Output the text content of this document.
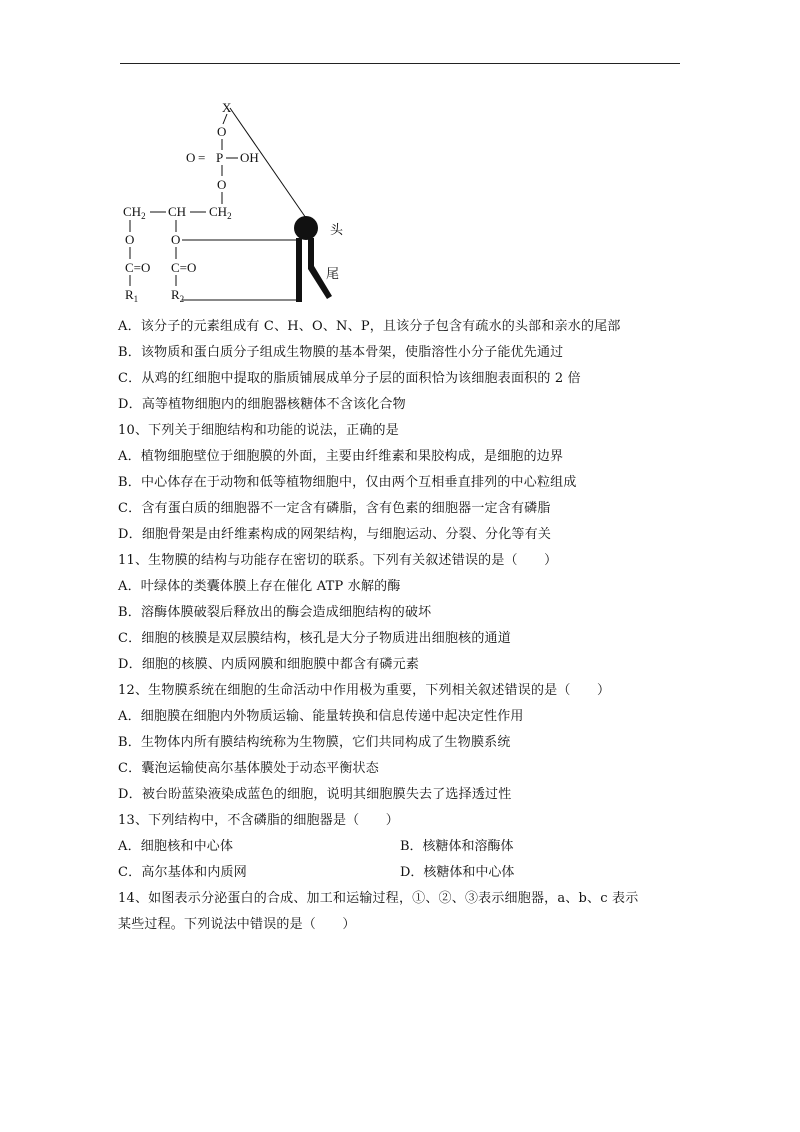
X
O
O = P OH
O
$CH_2$ CH $CH_2$
O	O
C=O C=O
$R_1$	$R_2$
头
尾
A．该分子的元素组成有 C、H、O、N、P，且该分子包含有疏水的头部和亲水的尾部
B．该物质和蛋白质分子组成生物膜的基本骨架，使脂溶性小分子能优先通过
C．从鸡的红细胞中提取的脂质铺展成单分子层的面积恰为该细胞表面积的 2 倍
D．高等植物细胞内的细胞器核糖体不含该化合物
10、下列关于细胞结构和功能的说法，正确的是
A．植物细胞壁位于细胞膜的外面，主要由纤维素和果胶构成，是细胞的边界
B．中心体存在于动物和低等植物细胞中，仅由两个互相垂直排列的中心粒组成
C．含有蛋白质的细胞器不一定含有磷脂，含有色素的细胞器一定含有磷脂
D．细胞骨架是由纤维素构成的网架结构，与细胞运动、分裂、分化等有关
11、生物膜的结构与功能存在密切的联系。下列有关叙述错误的是（　　）
A．叶绿体的类囊体膜上存在催化 ATP 水解的酶
B．溶酶体膜破裂后释放出的酶会造成细胞结构的破坏
C．细胞的核膜是双层膜结构，核孔是大分子物质进出细胞核的通道
D．细胞的核膜、内质网膜和细胞膜中都含有磷元素
12、生物膜系统在细胞的生命活动中作用极为重要，下列相关叙述错误的是（　　）
A．细胞膜在细胞内外物质运输、能量转换和信息传递中起决定性作用
B．生物体内所有膜结构统称为生物膜，它们共同构成了生物膜系统
C．囊泡运输使高尔基体膜处于动态平衡状态
D．被台盼蓝染液染成蓝色的细胞，说明其细胞膜失去了选择透过性
13、下列结构中，不含磷脂的细胞器是（　　）
A．细胞核和中心体	B．核糖体和溶酶体
C．高尔基体和内质网	D．核糖体和中心体
14、如图表示分泌蛋白的合成、加工和运输过程，①、②、③表示细胞器，a、b、c 表示
某些过程。下列说法中错误的是（　　）
